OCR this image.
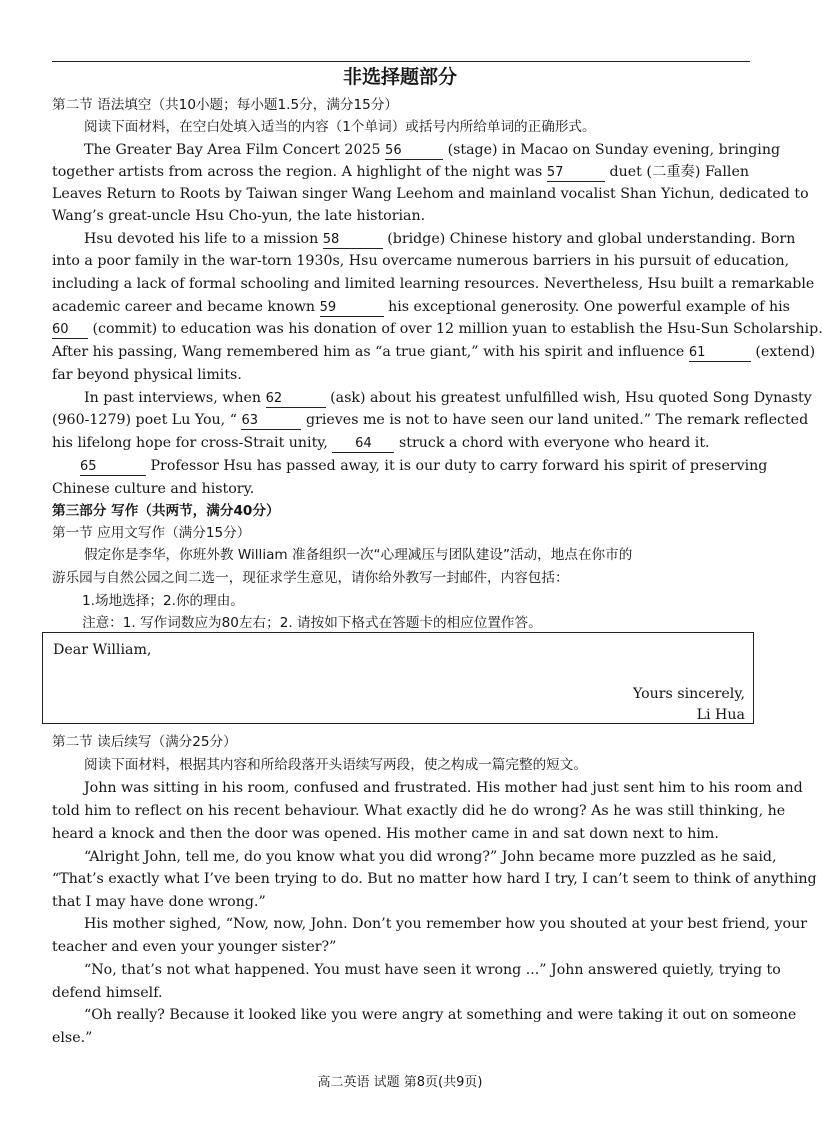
非选择题部分
第二节 语法填空（共10小题；每小题1.5分，满分15分）
阅读下面材料，在空白处填入适当的内容（1个单词）或括号内所给单词的正确形式。
The Greater Bay Area Film Concert 2025 56	(stage) in Macao on Sunday evening, bringing
together artists from across the region. A highlight of the night was 57	duet (二重奏) Fallen
Leaves Return to Roots by Taiwan singer Wang Leehom and mainland vocalist Shan Yichun, dedicated to
Wang’s great-uncle Hsu Cho-yun, the late historian.
Hsu devoted his life to a mission 58	(bridge) Chinese history and global understanding. Born
into a poor family in the war-torn 1930s, Hsu overcame numerous barriers in his pursuit of education,
including a lack of formal schooling and limited learning resources. Nevertheless, Hsu built a remarkable
academic career and became known 59	his exceptional generosity. One powerful example of his
60 (commit) to education was his donation of over 12 million yuan to establish the Hsu-Sun Scholarship.
After his passing, Wang remembered him as “a true giant,” with his spirit and influence 61	(extend)
far beyond physical limits.
In past interviews, when 62	(ask) about his greatest unfulfilled wish, Hsu quoted Song Dynasty
(960-1279) poet Lu You, “ 63	grieves me is not to have seen our land united.” The remark reflected
his lifelong hope for cross-Strait unity, 64 struck a chord with everyone who heard it.
65	Professor Hsu has passed away, it is our duty to carry forward his spirit of preserving
Chinese culture and history.
第三部分 写作（共两节，满分40分）
第一节 应用文写作（满分15分）
假定你是李华，你班外教 William 准备组织一次“心理减压与团队建设”活动，地点在你市的
游乐园与自然公园之间二选一，现征求学生意见，请你给外教写一封邮件，内容包括：
1.场地选择；2.你的理由。
注意：1. 写作词数应为80左右；2. 请按如下格式在答题卡的相应位置作答。
Dear William,
Yours sincerely,
Li Hua
第二节 读后续写（满分25分）
阅读下面材料，根据其内容和所给段落开头语续写两段，使之构成一篇完整的短文。
John was sitting in his room, confused and frustrated. His mother had just sent him to his room and
told him to reflect on his recent behaviour. What exactly did he do wrong? As he was still thinking, he
heard a knock and then the door was opened. His mother came in and sat down next to him.
“Alright John, tell me, do you know what you did wrong?” John became more puzzled as he said,
“That’s exactly what I’ve been trying to do. But no matter how hard I try, I can’t seem to think of anything
that I may have done wrong.”
His mother sighed, “Now, now, John. Don’t you remember how you shouted at your best friend, your
teacher and even your younger sister?”
“No, that’s not what happened. You must have seen it wrong ...” John answered quietly, trying to
defend himself.
“Oh really? Because it looked like you were angry at something and were taking it out on someone
else.”
高二英语 试题 第8页(共9页)
